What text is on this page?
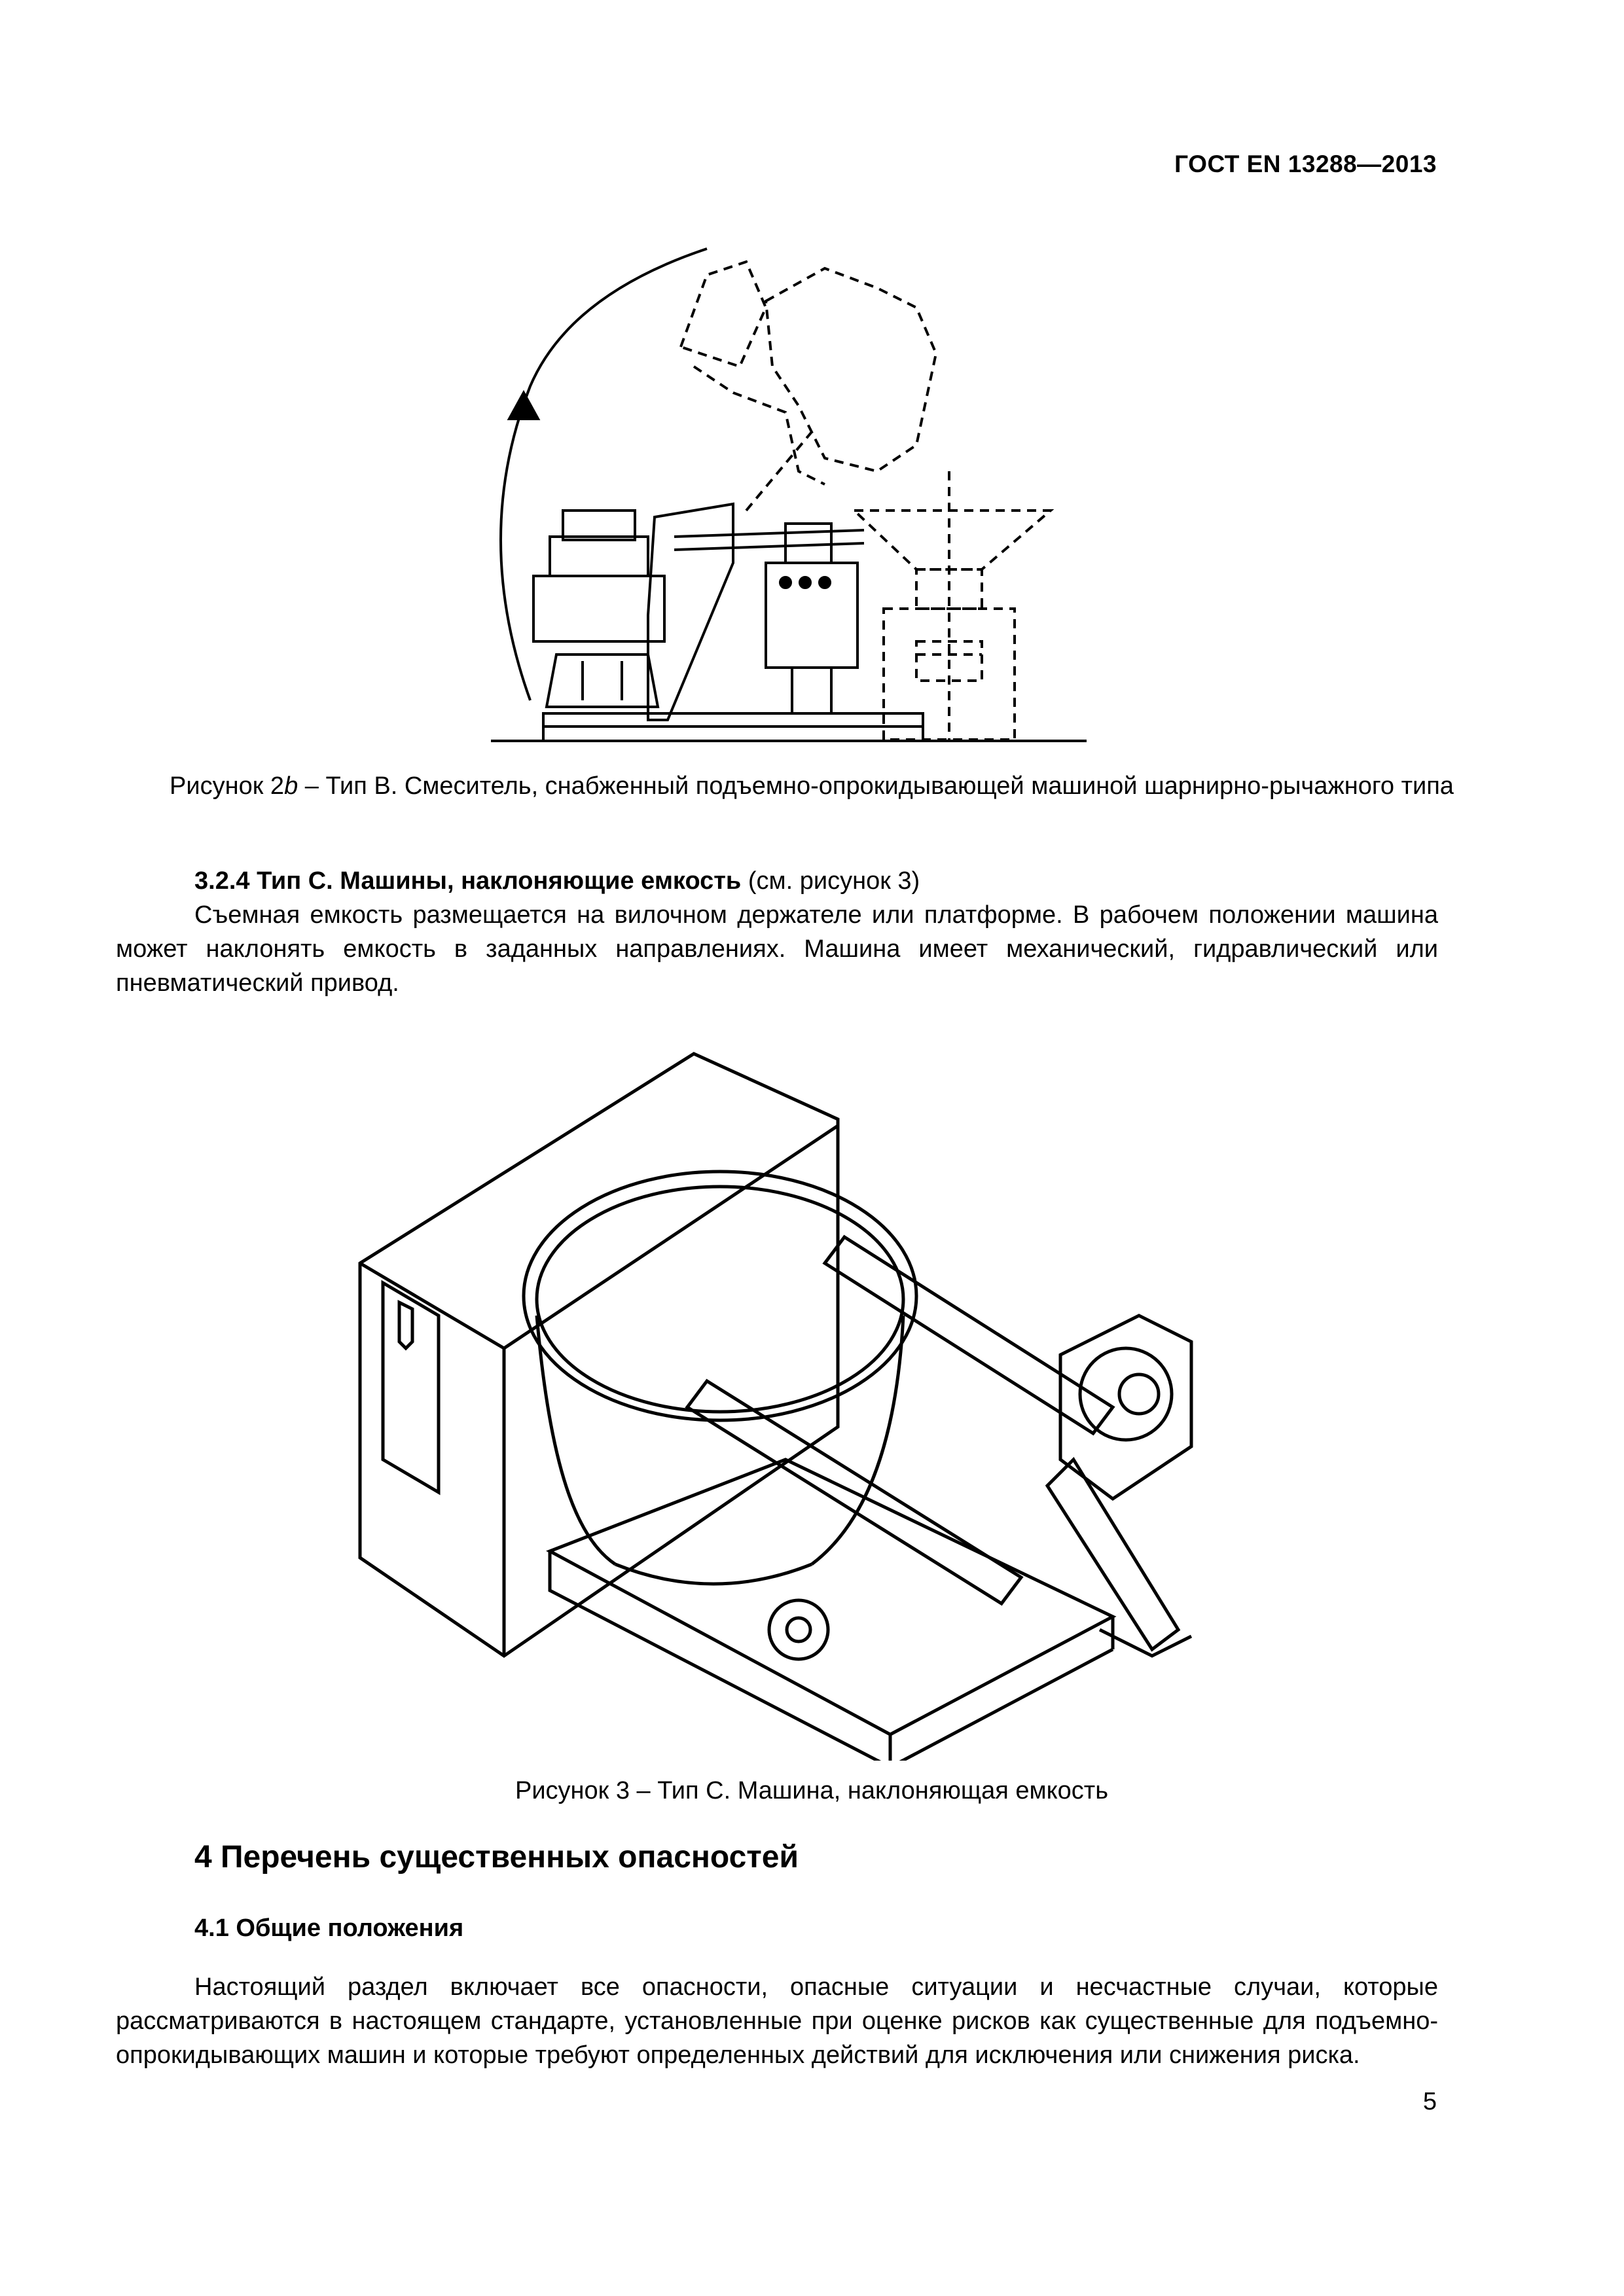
ГОСТ EN 13288—2013
Рисунок 2b – Тип В. Смеситель, снабженный подъемно-опрокидывающей машиной шарнирно-рычажного типа
3.2.4 Тип С. Машины, наклоняющие емкость (см. рисунок 3)
Съемная емкость размещается на вилочном держателе или платформе. В рабочем положении машина может наклонять емкость в заданных направлениях. Машина имеет механический, гидравлический или пневматический привод.
Рисунок 3 – Тип С. Машина, наклоняющая емкость
4 Перечень существенных опасностей
4.1 Общие положения
Настоящий раздел включает все опасности, опасные ситуации и несчастные случаи, которые рассматриваются в настоящем стандарте, установленные при оценке рисков как существенные для подъемно-опрокидывающих машин и которые требуют определенных действий для исключения или снижения риска.
5
